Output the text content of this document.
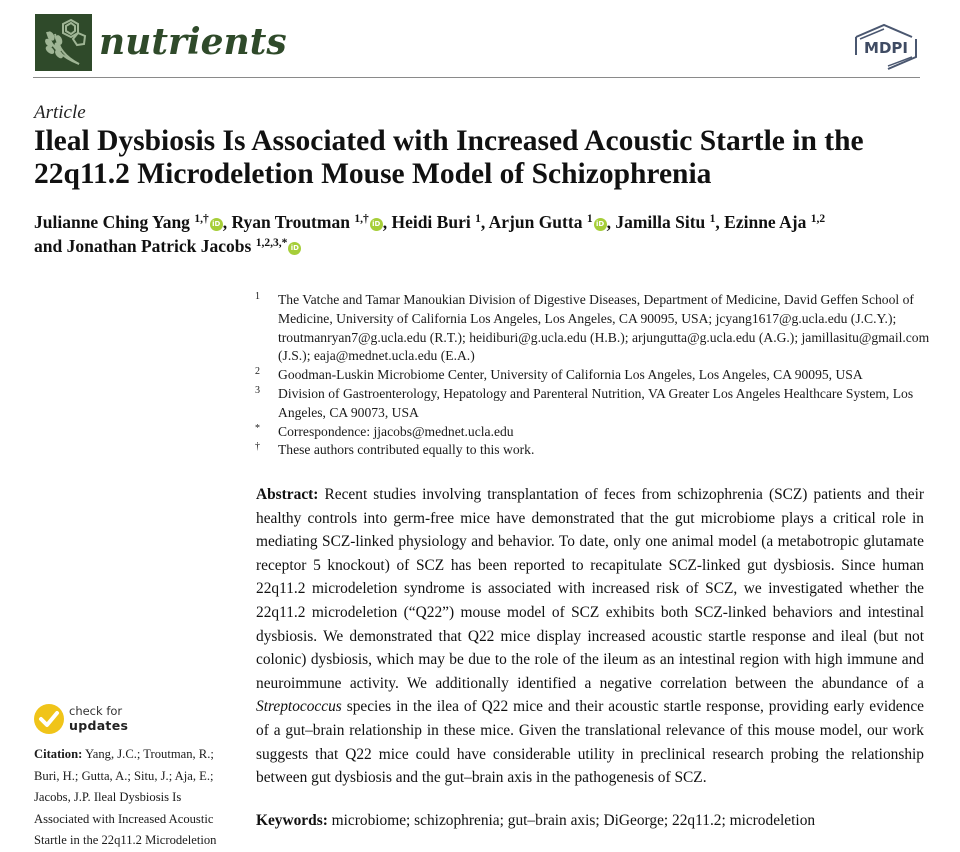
nutrients	MDPI
Article
Ileal Dysbiosis Is Associated with Increased Acoustic Startle in the 22q11.2 Microdeletion Mouse Model of Schizophrenia
Julianne Ching Yang $^{1,\dagger}$ iD , Ryan Troutman $^{1,\dagger}$ iD , Heidi Buri $^1$, Arjun Gutta $^1$ iD , Jamilla Situ $^1$, Ezinne Aja $^{1,2}$
and Jonathan Patrick Jacobs $^{1,2,3,*}$ iD
1 The Vatche and Tamar Manoukian Division of Digestive Diseases, Department of Medicine, David Geffen School of Medicine, University of California Los Angeles, Los Angeles, CA 90095, USA; jcyang1617@g.ucla.edu (J.C.Y.); troutmanryan7@g.ucla.edu (R.T.); heidiburi@g.ucla.edu (H.B.); arjungutta@g.ucla.edu (A.G.); jamillasitu@gmail.com (J.S.); eaja@mednet.ucla.edu (E.A.)
2 Goodman-Luskin Microbiome Center, University of California Los Angeles, Los Angeles, CA 90095, USA
3 Division of Gastroenterology, Hepatology and Parenteral Nutrition, VA Greater Los Angeles Healthcare System, Los Angeles, CA 90073, USA
* Correspondence: jjacobs@mednet.ucla.edu
† These authors contributed equally to this work.
Abstract: Recent studies involving transplantation of feces from schizophrenia (SCZ) patients and their healthy controls into germ-free mice have demonstrated that the gut microbiome plays a critical role in mediating SCZ-linked physiology and behavior. To date, only one animal model (a metabotropic glutamate receptor 5 knockout) of SCZ has been reported to recapitulate SCZ-linked gut dysbiosis. Since human 22q11.2 microdeletion syndrome is associated with increased risk of SCZ, we investigated whether the 22q11.2 microdeletion (“Q22”) mouse model of SCZ exhibits both SCZ-linked behaviors and intestinal dysbiosis. We demonstrated that Q22 mice display increased acoustic startle response and ileal (but not colonic) dysbiosis, which may be due to the role of the ileum as an intestinal region with high immune and neuroimmune activity. We additionally identified a negative correlation between the abundance of a Streptococcus species in the ilea of Q22 mice and their acoustic startle response, providing early evidence of a gut–brain relationship in these mice. Given the translational relevance of this mouse model, our work suggests that Q22 mice could have considerable utility in preclinical research probing the relationship between gut dysbiosis and the gut–brain axis in the pathogenesis of SCZ.
Keywords: microbiome; schizophrenia; gut–brain axis; DiGeorge; 22q11.2; microdeletion
check for
updates
Citation: Yang, J.C.; Troutman, R.; Buri, H.; Gutta, A.; Situ, J.; Aja, E.; Jacobs, J.P. Ileal Dysbiosis Is Associated with Increased Acoustic Startle in the 22q11.2 Microdeletion
